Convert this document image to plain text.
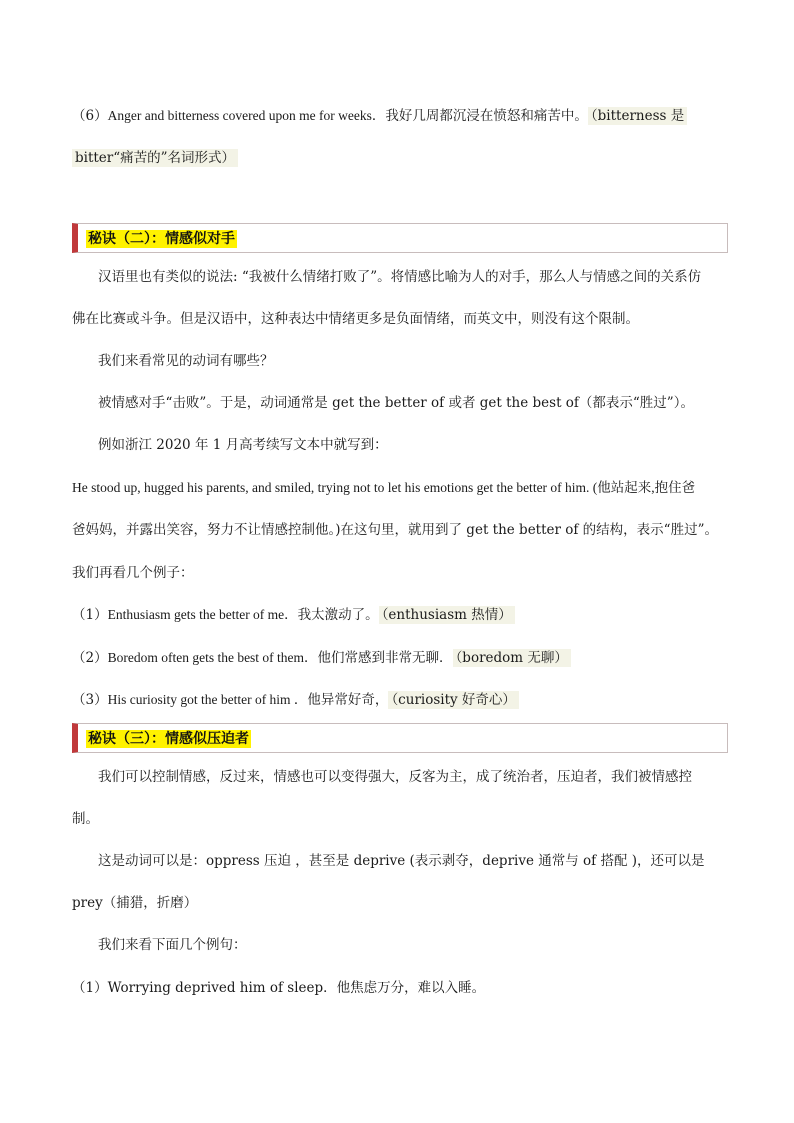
（6）Anger and bitterness covered upon me for weeks．我好几周都沉浸在愤怒和痛苦中。 （bitterness 是
bitter“痛苦的”名词形式）
秘诀（二）：情感似对手
汉语里也有类似的说法: “我被什么情绪打败了”。将情感比喻为人的对手，那么人与情感之间的关系仿
佛在比赛或斗争。但是汉语中，这种表达中情绪更多是负面情绪，而英文中，则没有这个限制。
我们来看常见的动词有哪些？
被情感对手“击败”。于是，动词通常是 get the better of 或者 get the best of（都表示“胜过”）。
例如浙江 2020 年 1 月高考续写文本中就写到：
He stood up, hugged his parents, and smiled, trying not to let his emotions get the better of him. (他站起来,抱住爸
爸妈妈，并露出笑容，努力不让情感控制他。)在这句里，就用到了 get the better of 的结构，表示“胜过”。
我们再看几个例子：
（1）Enthusiasm gets the better of me．我太激动了。 （enthusiasm 热情）
（2）Boredom often gets the best of them．他们常感到非常无聊． （boredom 无聊）
（3）His curiosity got the better of him ．他异常好奇， （curiosity 好奇心）
秘诀（三）：情感似压迫者
我们可以控制情感，反过来，情感也可以变得强大，反客为主，成了统治者，压迫者，我们被情感控
制。
这是动词可以是：oppress 压迫 ，甚至是 deprive (表示剥夺，deprive 通常与 of 搭配 )，还可以是
prey（捕猎，折磨）
我们来看下面几个例句：
（1）Worrying deprived him of sleep．他焦虑万分，难以入睡。
